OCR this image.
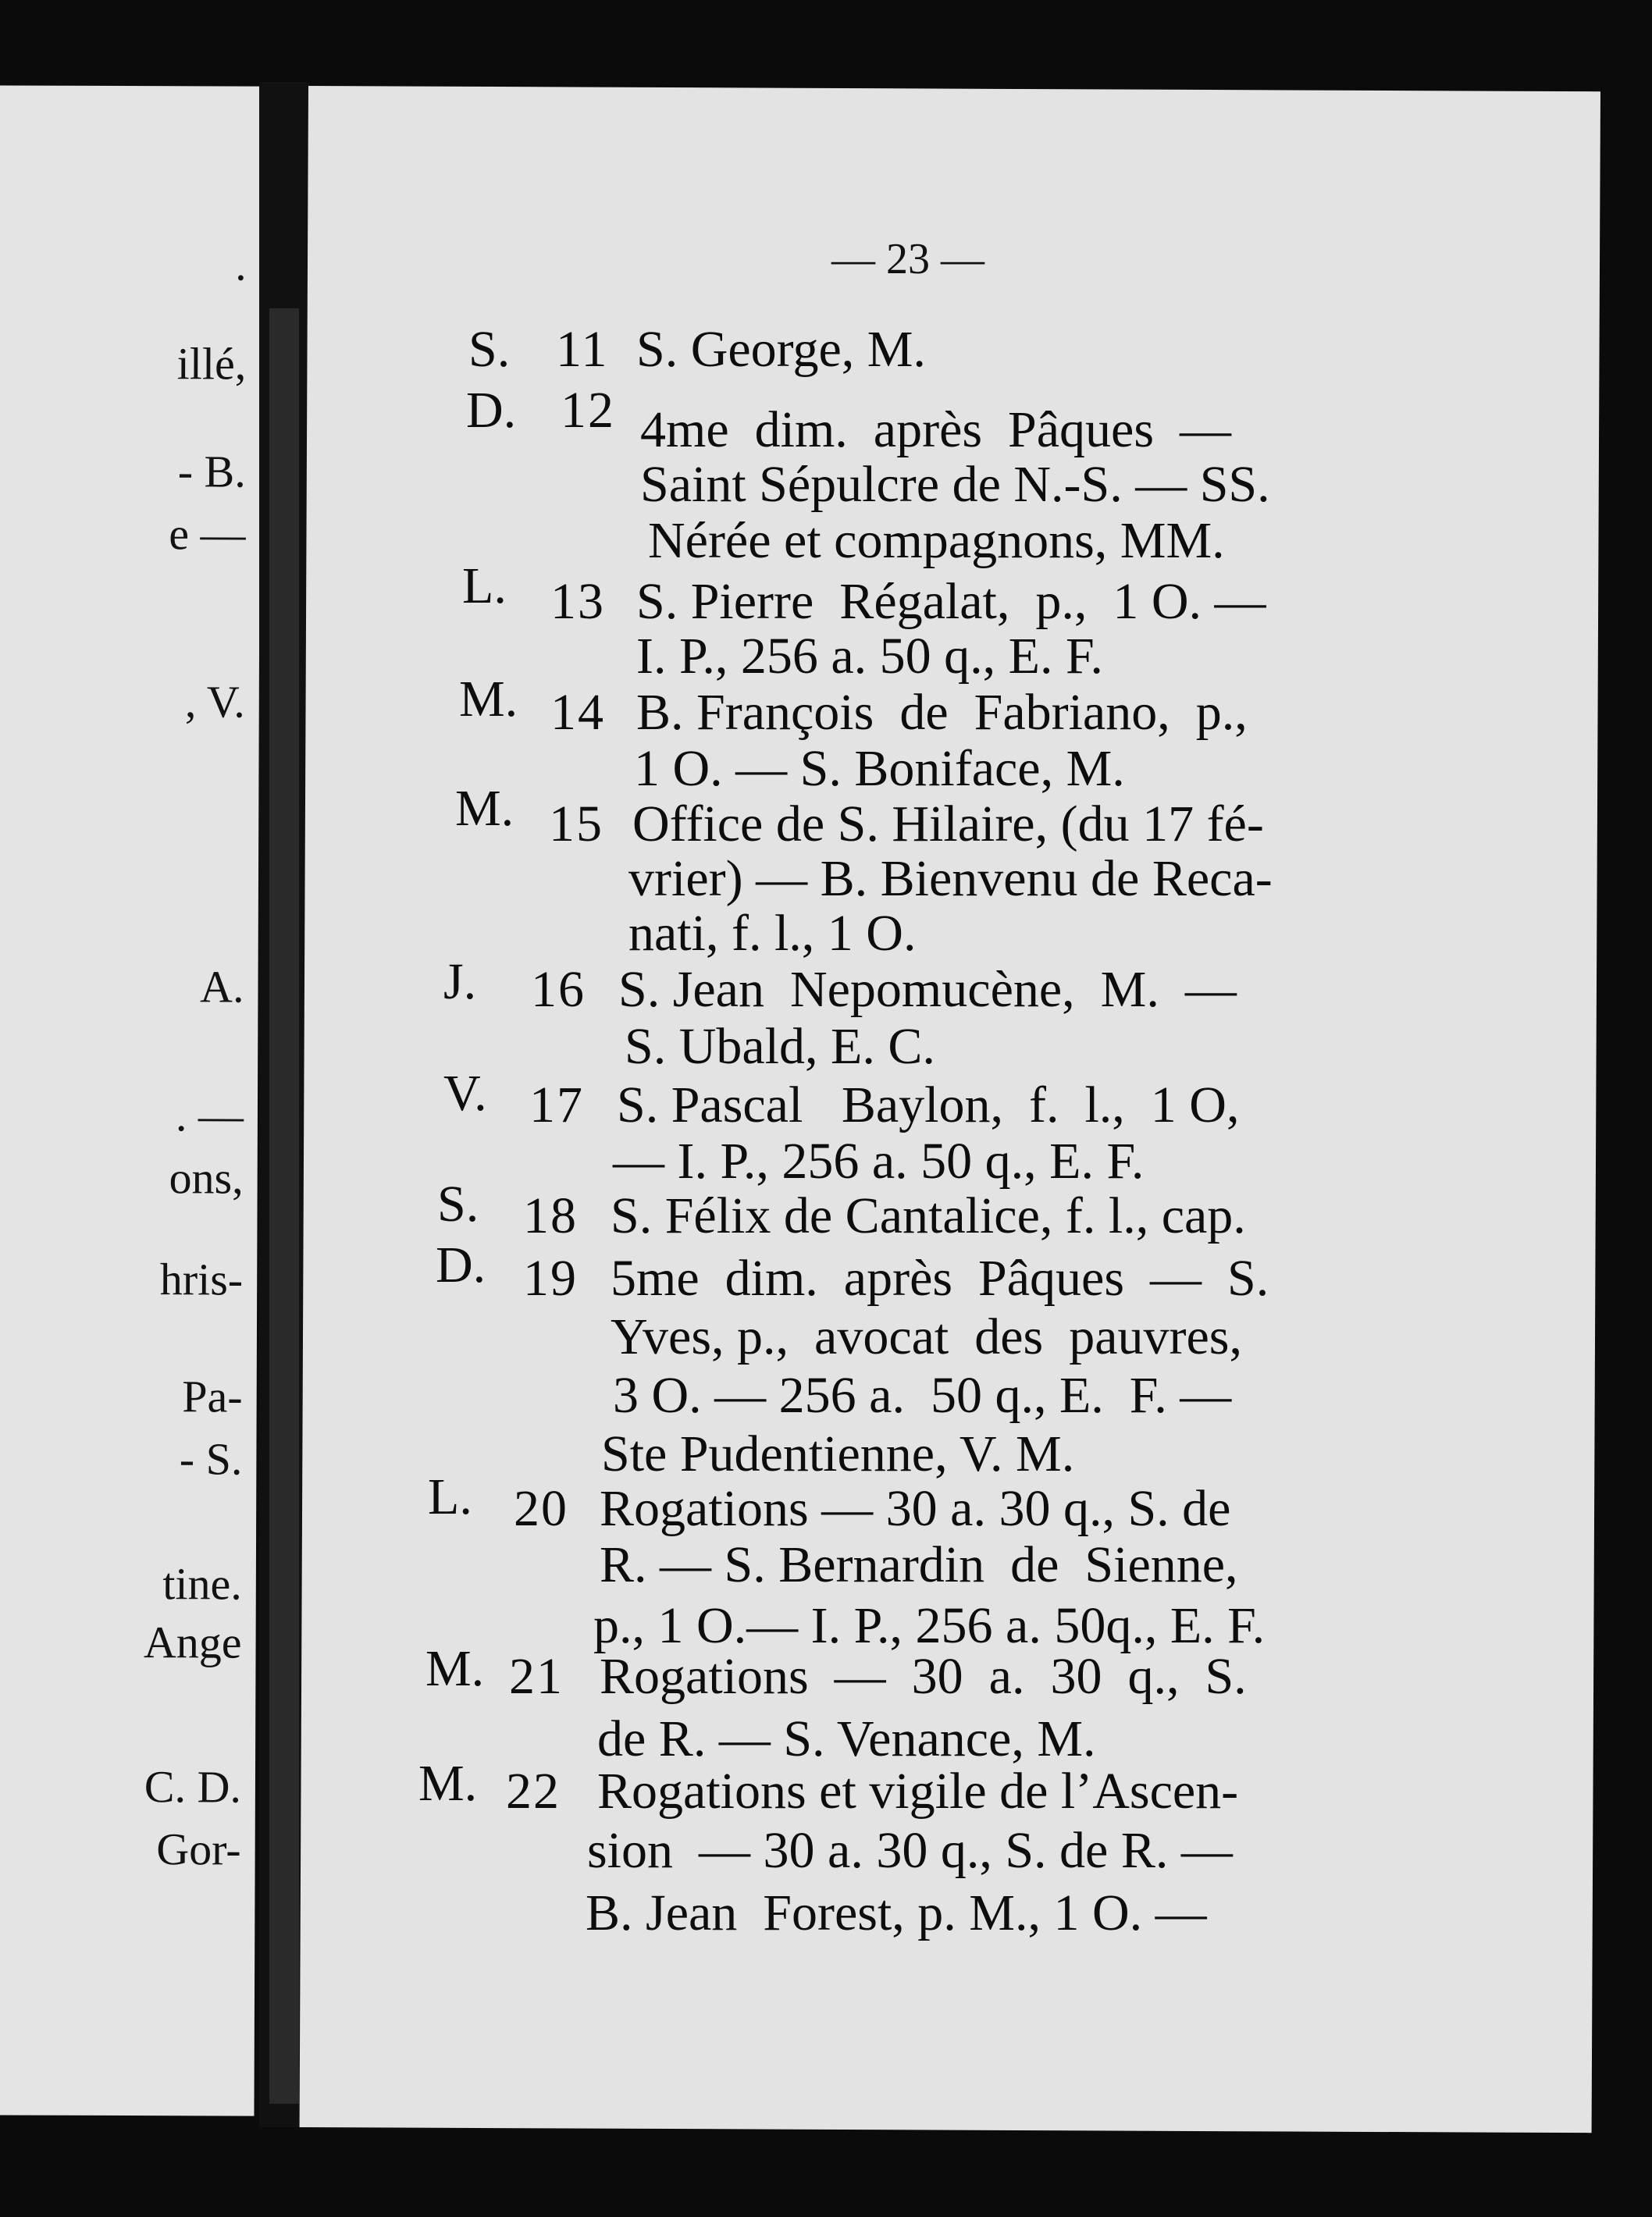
.
illé,
- B.
e —
, V.
A.
. —
ons,
hris-
Pa-
- S.
tine.
Ange
C. D.
Gor-
— 23 —
S. 11 S. George, M.
D. 12 4me  dim.  après  Pâques  —
Saint Sépulcre de N.-S. — SS.
Nérée et compagnons, MM.
L. 13 S. Pierre  Régalat,  p.,  1 O. —
I. P., 256 a. 50 q., E. F.
M. 14 B. François  de  Fabriano,  p.,
1 O. — S. Boniface, M.
M. 15 Office de S. Hilaire, (du 17 fé-
vrier) — B. Bienvenu de Reca-
nati, f. l., 1 O.
J. 16 S. Jean  Nepomucène,  M.  —
S. Ubald, E. C.
V. 17 S. Pascal   Baylon,  f.  l.,  1 O,
— I. P., 256 a. 50 q., E. F.
S. 18 S. Félix de Cantalice, f. l., cap.
D. 19 5me  dim.  après  Pâques  —  S.
Yves, p.,  avocat  des  pauvres,
3 O. — 256 a.  50 q., E.  F. —
Ste Pudentienne, V. M.
L. 20 Rogations — 30 a. 30 q., S. de
R. — S. Bernardin  de  Sienne,
p., 1 O.— I. P., 256 a. 50q., E. F.
M. 21 Rogations  —  30  a.  30  q.,  S.
de R. — S. Venance, M.
M. 22 Rogations et vigile de l’Ascen-
sion  — 30 a. 30 q., S. de R. —
B. Jean  Forest, p. M., 1 O. —
